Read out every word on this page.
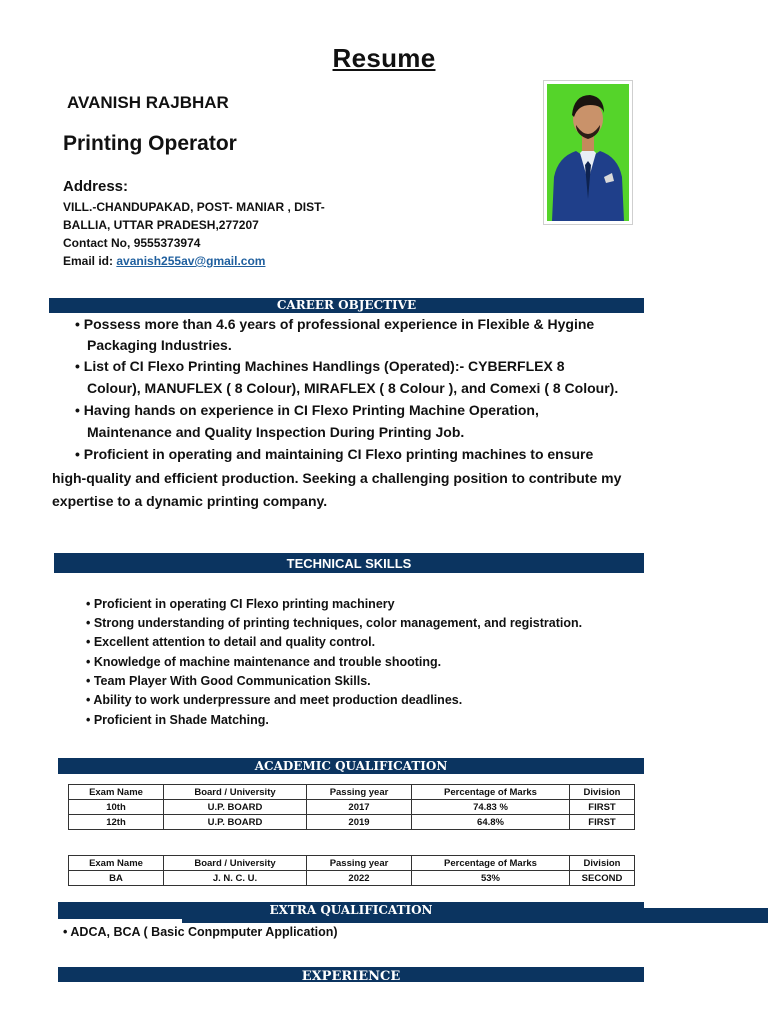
Resume
AVANISH RAJBHAR
Printing Operator
Address:
VILL.-CHANDUPAKAD, POST- MANIAR , DIST-
BALLIA, UTTAR PRADESH,277207
Contact No, 9555373974
Email id: avanish255av@gmail.com
CAREER OBJECTIVE
• Possess more than 4.6 years of professional experience in Flexible & Hygine
Packaging Industries.
• List of CI Flexo Printing Machines Handlings (Operated):- CYBERFLEX 8
Colour), MANUFLEX ( 8 Colour), MIRAFLEX ( 8 Colour ), and Comexi ( 8 Colour).
• Having hands on experience in CI Flexo Printing Machine Operation,
Maintenance and Quality Inspection During Printing Job.
• Proficient in operating and maintaining CI Flexo printing machines to ensure
high-quality and efficient production. Seeking a challenging position to contribute my
expertise to a dynamic printing company.
TECHNICAL SKILLS
• Proficient in operating CI Flexo printing machinery
• Strong understanding of printing techniques, color management, and registration.
• Excellent attention to detail and quality control.
• Knowledge of machine maintenance and trouble shooting.
• Team Player With Good Communication Skills.
• Ability to work underpressure and meet production deadlines.
• Proficient in Shade Matching.
ACADEMIC QUALIFICATION
Exam Name	Board / University	Passing year	Percentage of Marks	Division
10th	U.P. BOARD	2017	74.83 %	FIRST
12th	U.P. BOARD	2019	64.8%	FIRST
Exam Name	Board / University	Passing year	Percentage of Marks	Division
BA	J. N. C. U.	2022	53%	SECOND
EXTRA QUALIFICATION
• ADCA, BCA ( Basic Conpmputer Application)
EXPERIENCE
